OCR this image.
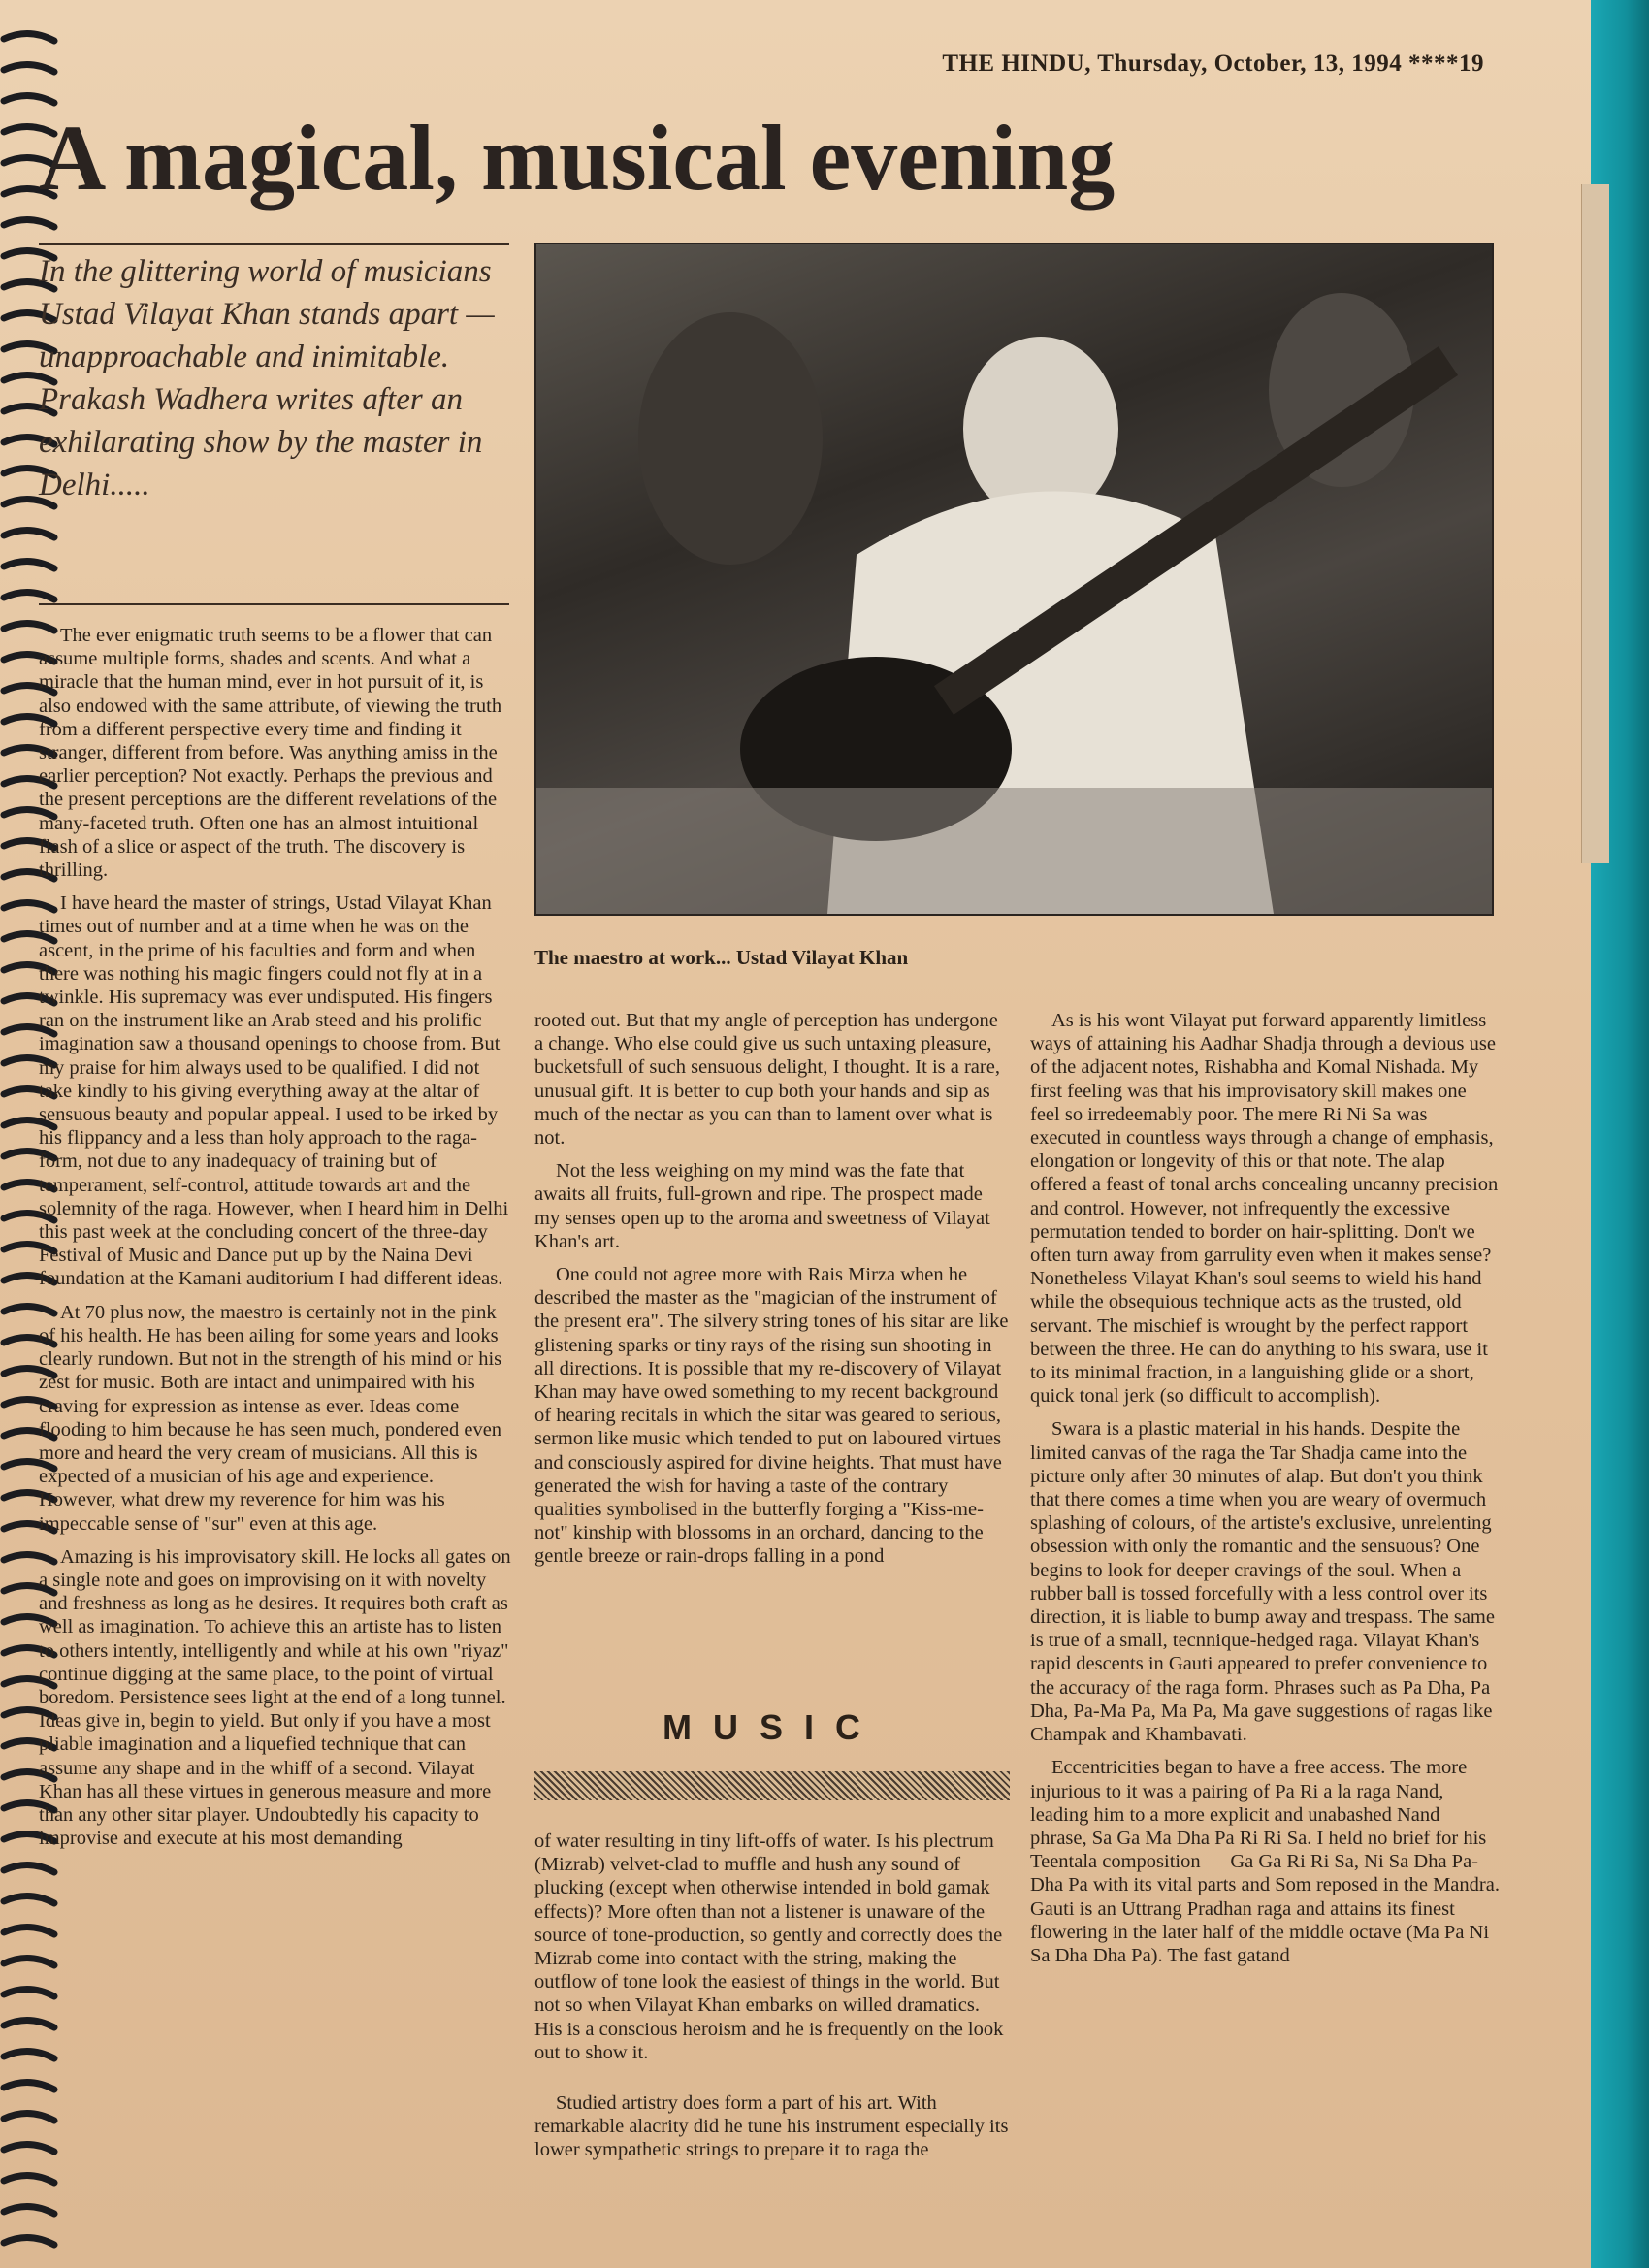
THE HINDU, Thursday, October, 13, 1994 ****19
A magical, musical evening
In the glittering world of musicians Ustad Vilayat Khan stands apart — unapproachable and inimitable. Prakash Wadhera writes after an exhilarating show by the master in Delhi.....
The maestro at work... Ustad Vilayat Khan

The ever enigmatic truth seems to be a flower that can assume multiple forms, shades and scents. And what a miracle that the human mind, ever in hot pursuit of it, is also endowed with the same attribute, of viewing the truth from a different perspective every time and finding it stranger, different from before. Was anything amiss in the earlier perception? Not exactly. Perhaps the previous and the present perceptions are the different revelations of the many-faceted truth. Often one has an almost intuitional flash of a slice or aspect of the truth. The discovery is thrilling.

I have heard the master of strings, Ustad Vilayat Khan times out of number and at a time when he was on the ascent, in the prime of his faculties and form and when there was nothing his magic fingers could not fly at in a twinkle. His supremacy was ever undisputed. His fingers ran on the instrument like an Arab steed and his prolific imagination saw a thousand openings to choose from. But my praise for him always used to be qualified. I did not take kindly to his giving everything away at the altar of sensuous beauty and popular appeal. I used to be irked by his flippancy and a less than holy approach to the raga-form, not due to any inadequacy of training but of temperament, self-control, attitude towards art and the solemnity of the raga. However, when I heard him in Delhi this past week at the concluding concert of the three-day Festival of Music and Dance put up by the Naina Devi foundation at the Kamani auditorium I had different ideas.

At 70 plus now, the maestro is certainly not in the pink of his health. He has been ailing for some years and looks clearly rundown. But not in the strength of his mind or his zest for music. Both are intact and unimpaired with his craving for expression as intense as ever. Ideas come flooding to him because he has seen much, pondered even more and heard the very cream of musicians. All this is expected of a musician of his age and experience. However, what drew my reverence for him was his impeccable sense of "sur" even at this age.

Amazing is his improvisatory skill. He locks all gates on a single note and goes on improvising on it with novelty and freshness as long as he desires. It requires both craft as well as imagination. To achieve this an artiste has to listen to others intently, intelligently and while at his own "riyaz" continue digging at the same place, to the point of virtual boredom. Persistence sees light at the end of a long tunnel. Ideas give in, begin to yield. But only if you have a most pliable imagination and a liquefied technique that can assume any shape and in the whiff of a second. Vilayat Khan has all these virtues in generous measure and more than any other sitar player. Undoubtedly his capacity to improvise and execute at his most demanding

rooted out. But that my angle of perception has undergone a change. Who else could give us such untaxing pleasure, bucketsfull of such sensuous delight, I thought. It is a rare, unusual gift. It is better to cup both your hands and sip as much of the nectar as you can than to lament over what is not.

Not the less weighing on my mind was the fate that awaits all fruits, full-grown and ripe. The prospect made my senses open up to the aroma and sweetness of Vilayat Khan's art.

One could not agree more with Rais Mirza when he described the master as the "magician of the instrument of the present era". The silvery string tones of his sitar are like glistening sparks or tiny rays of the rising sun shooting in all directions. It is possible that my re-discovery of Vilayat Khan may have owed something to my recent background of hearing recitals in which the sitar was geared to serious, sermon like music which tended to put on laboured virtues and consciously aspired for divine heights. That must have generated the wish for having a taste of the contrary qualities symbolised in the butterfly forging a "Kiss-me-not" kinship with blossoms in an orchard, dancing to the gentle breeze or rain-drops falling in a pond

MUSIC

of water resulting in tiny lift-offs of water. Is his plectrum (Mizrab) velvet-clad to muffle and hush any sound of plucking (except when otherwise intended in bold gamak effects)? More often than not a listener is unaware of the source of tone-production, so gently and correctly does the Mizrab come into contact with the string, making the outflow of tone look the easiest of things in the world. But not so when Vilayat Khan embarks on willed dramatics. His is a conscious heroism and he is frequently on the look out to show it.

Studied artistry does form a part of his art. With remarkable alacrity did he tune his instrument especially its lower sympathetic strings to prepare it to raga the

As is his wont Vilayat put forward apparently limitless ways of attaining his Aadhar Shadja through a devious use of the adjacent notes, Rishabha and Komal Nishada. My first feeling was that his improvisatory skill makes one feel so irredeemably poor. The mere Ri Ni Sa was executed in countless ways through a change of emphasis, elongation or longevity of this or that note. The alap offered a feast of tonal archs concealing uncanny precision and control. However, not infrequently the excessive permutation tended to border on hair-splitting. Don't we often turn away from garrulity even when it makes sense? Nonetheless Vilayat Khan's soul seems to wield his hand while the obsequious technique acts as the trusted, old servant. The mischief is wrought by the perfect rapport between the three. He can do anything to his swara, use it to its minimal fraction, in a languishing glide or a short, quick tonal jerk (so difficult to accomplish).

Swara is a plastic material in his hands. Despite the limited canvas of the raga the Tar Shadja came into the picture only after 30 minutes of alap. But don't you think that there comes a time when you are weary of overmuch splashing of colours, of the artiste's exclusive, unrelenting obsession with only the romantic and the sensuous? One begins to look for deeper cravings of the soul. When a rubber ball is tossed forcefully with a less control over its direction, it is liable to bump away and trespass. The same is true of a small, tecnnique-hedged raga. Vilayat Khan's rapid descents in Gauti appeared to prefer convenience to the accuracy of the raga form. Phrases such as Pa Dha, Pa Dha, Pa-Ma Pa, Ma Pa, Ma gave suggestions of ragas like Champak and Khambavati.

Eccentricities began to have a free access. The more injurious to it was a pairing of Pa Ri a la raga Nand, leading him to a more explicit and unabashed Nand phrase, Sa Ga Ma Dha Pa Ri Ri Sa. I held no brief for his Teentala composition — Ga Ga Ri Ri Sa, Ni Sa Dha Pa-Dha Pa with its vital parts and Som reposed in the Mandra. Gauti is an Uttrang Pradhan raga and attains its finest flowering in the later half of the middle octave (Ma Pa Ni Sa Dha Dha Pa). The fast gatand
